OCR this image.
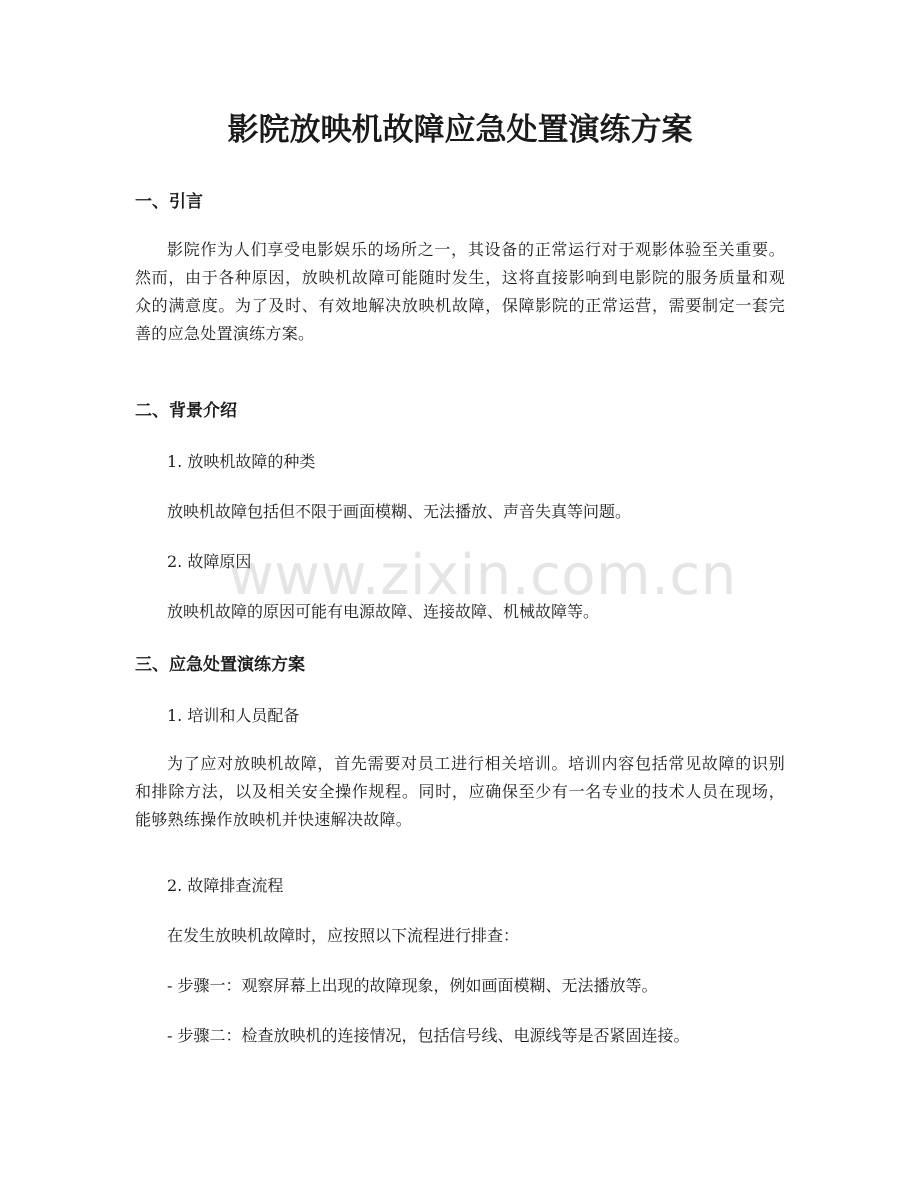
影院放映机故障应急处置演练方案
一、引言

影院作为人们享受电影娱乐的场所之一，其设备的正常运行对于观影体验至关重要。然而，由于各种原因，放映机故障可能随时发生，这将直接影响到电影院的服务质量和观众的满意度。为了及时、有效地解决放映机故障，保障影院的正常运营，需要制定一套完善的应急处置演练方案。

二、背景介绍

1. 放映机故障的种类

放映机故障包括但不限于画面模糊、无法播放、声音失真等问题。

2. 故障原因

放映机故障的原因可能有电源故障、连接故障、机械故障等。

三、应急处置演练方案

1. 培训和人员配备

为了应对放映机故障，首先需要对员工进行相关培训。培训内容包括常见故障的识别和排除方法，以及相关安全操作规程。同时，应确保至少有一名专业的技术人员在现场，能够熟练操作放映机并快速解决故障。

2. 故障排查流程

在发生放映机故障时，应按照以下流程进行排查：

- 步骤一：观察屏幕上出现的故障现象，例如画面模糊、无法播放等。

- 步骤二：检查放映机的连接情况，包括信号线、电源线等是否紧固连接。

www.zixin.com.cn
